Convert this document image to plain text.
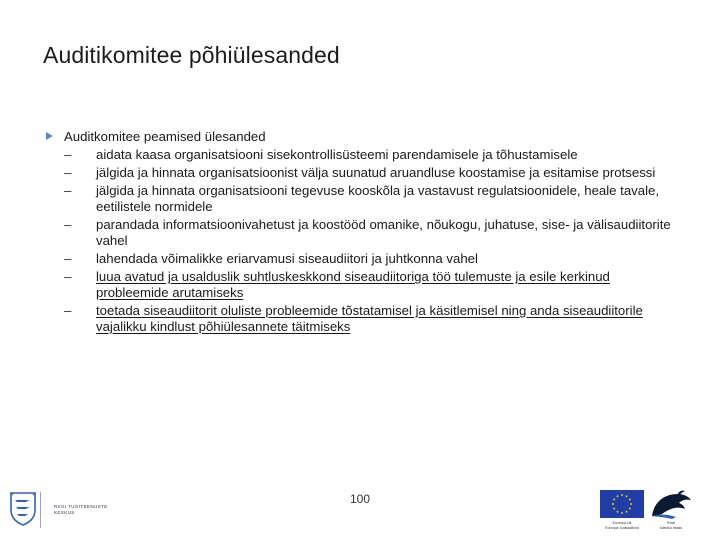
Auditikomitee põhiülesanded
Auditkomitee peamised ülesanded
– aidata kaasa organisatsiooni sisekontrollisüsteemi parendamisele ja tõhustamisele
– jälgida ja hinnata organisatsioonist välja suunatud aruandluse koostamise ja esitamise protsessi
– jälgida ja hinnata organisatsiooni tegevuse kooskõla ja vastavust regulatsioonidele, heale tavale, eetilistele normidele
– parandada informatsioonivahetust ja koostööd omanike, nõukogu, juhatuse, sise- ja välisaudiitorite vahel
– lahendada võimalikke eriarvamusi siseaudiitori ja juhtkonna vahel
– luua avatud ja usalduslik suhtluskeskkond siseaudiitoriga töö tulemuste ja esile kerkinud probleemide arutamiseks
– toetada siseaudiitorit oluliste probleemide tõstatamisel ja käsitlemisel ning anda siseaudiitorile vajalikku kindlust põhiülesannete täitmiseks
100
RIIGI TUGITEENUSTE
KESKUS
Euroopa Liit
Euroopa Sotsiaalfond
Eesti
tuleviku heaks
